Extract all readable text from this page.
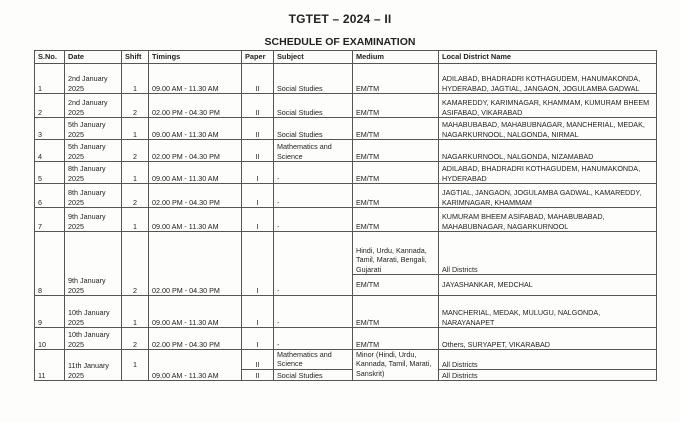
TGTET – 2024 – II
SCHEDULE OF EXAMINATION
S.No.	Date	Shift	Timings	Paper	Subject	Medium	Local District Name
1	2nd January 2025	1	09.00 AM - 11.30 AM	II	Social Studies	EM/TM	ADILABAD, BHADRADRI KOTHAGUDEM, HANUMAKONDA, HYDERABAD, JAGTIAL, JANGAON, JOGULAMBA GADWAL
2	2nd January 2025	2	02.00 PM - 04.30 PM	II	Social Studies	EM/TM	KAMAREDDY, KARIMNAGAR, KHAMMAM, KUMURAM BHEEM ASIFABAD, VIKARABAD
3	5th January 2025	1	09.00 AM - 11.30 AM	II	Social Studies	EM/TM	MAHABUBABAD, MAHABUBNAGAR, MANCHERIAL, MEDAK, NAGARKURNOOL, NALGONDA, NIRMAL
4	5th January 2025	2	02.00 PM - 04.30 PM	II	Mathematics and Science	EM/TM	NAGARKURNOOL, NALGONDA, NIZAMABAD
5	8th January 2025	1	09.00 AM - 11.30 AM	I	-	EM/TM	ADILABAD, BHADRADRI KOTHAGUDEM, HANUMAKONDA, HYDERABAD
6	8th January 2025	2	02.00 PM - 04.30 PM	I	-	EM/TM	JAGTIAL, JANGAON, JOGULAMBA GADWAL, KAMAREDDY, KARIMNAGAR, KHAMMAM
7	9th January 2025	1	09.00 AM - 11.30 AM	I	-	EM/TM	KUMURAM BHEEM ASIFABAD, MAHABUBABAD, MAHABUBNAGAR, NAGARKURNOOL
8	9th January 2025	2	02.00 PM - 04.30 PM	I	-	Hindi, Urdu, Kannada, Tamil, Marati, Bengali, Gujarati	All Districts
						EM/TM	JAYASHANKAR, MEDCHAL
9	10th January 2025	1	09.00 AM - 11.30 AM	I	-	EM/TM	MANCHERIAL, MEDAK, MULUGU, NALGONDA, NARAYANAPET
10	10th January 2025	2	02.00 PM - 04.30 PM	I	-	EM/TM	Others, SURYAPET, VIKARABAD
11	11th January 2025	1	09.00 AM - 11.30 AM	II	Mathematics and Science	Minor (Hindi, Urdu, Kannada, Tamil, Marati, Sanskrit)	All Districts
				II	Social Studies		All Districts
